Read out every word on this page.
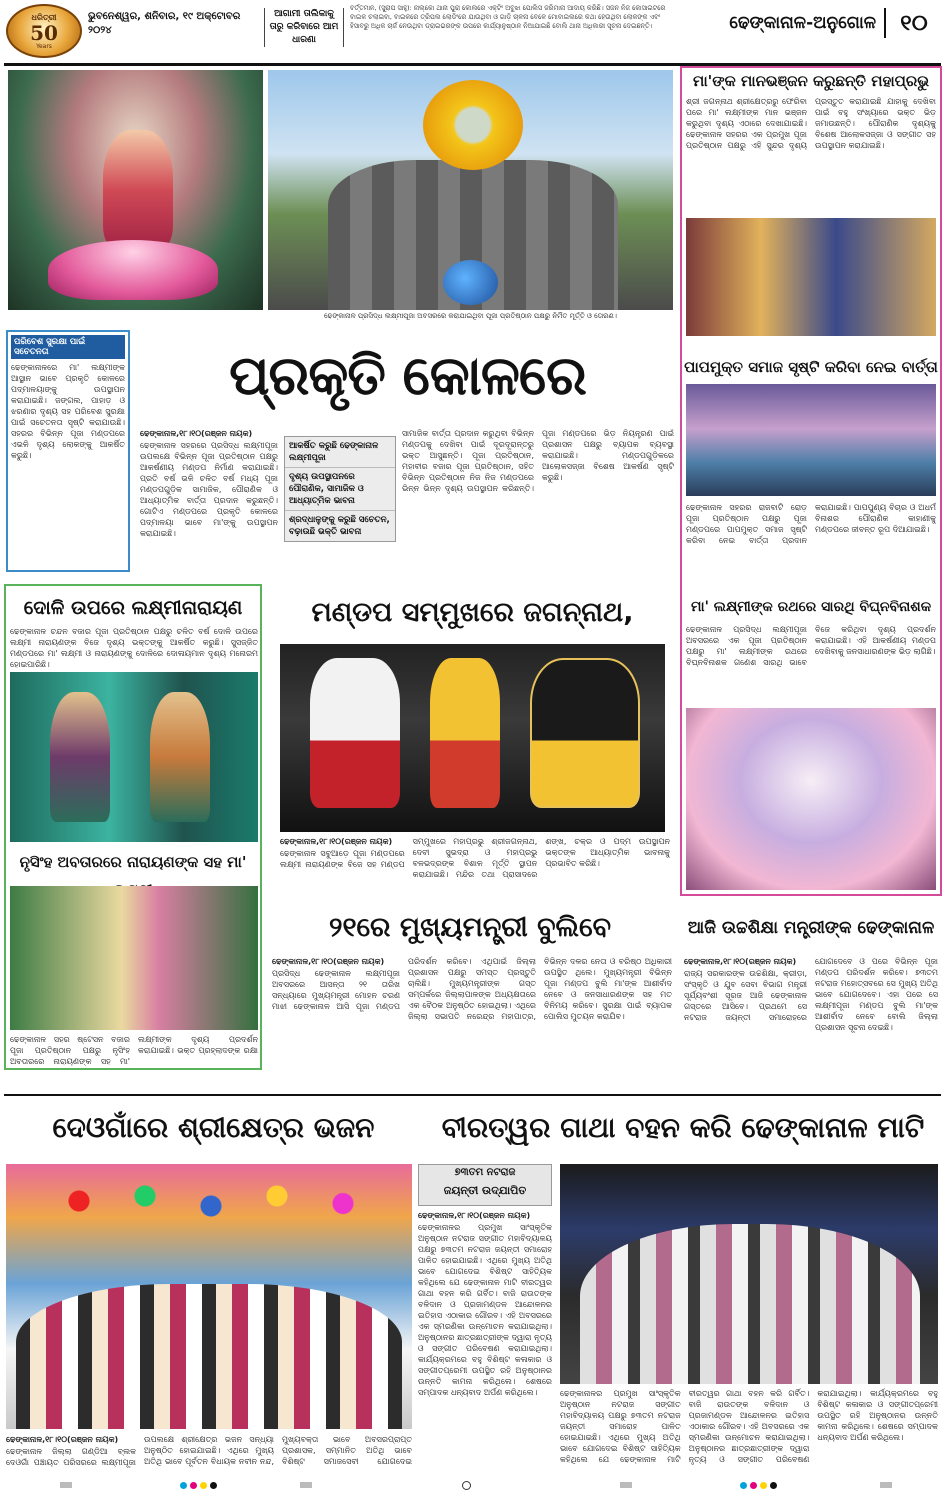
ଧରିତ୍ରୀ
50
Years
ଭୁବନେଶ୍ୱର, ଶନିବାର, ୧୯ ଅକ୍ଟୋବର ୨୦୨୪
ଆଗାମୀ ତାଲିକାକୁ ତାରୁ କରିବାରେ ଆମ ଧାରଣା
ବର୍ତ୍ତମାନ, (ସୁରାପ ସାହୁ): ନାଲ୍କୋ ଥାନା ପୁରା କୋଲରେ ଏକ୍ଟିଂ ଅବୁଝା ପୋଲିସ ଜରିମାନା ଆଦାୟ କରିଛି। ସଜନ ନିଜ କୋସାଇଟରେ ବାଇକ ଚଲାଇବା, ବାଇକରେ ତ୍ରିପଲ ଲୋଡିଂରେ ଯାଉଥିବା ଓ ଗାଡ଼ି ଚାଳନା ବେଳେ ମୋବାଇଲରେ କଥା ହେଉଥିବା ଲୋକଙ୍କ ଏବଂ ହିସାବରୁ ଅଧିକ ଚାର୍ଜ ନେଉଥିବା ଡ୍ରାଇଭରଙ୍କ ଉପରେ କାର୍ଯ୍ୟାନୁଷ୍ଠାନ ନିଆଯାଇଛି ବୋଲି ଥାନା ଅଧିକାରୀ ସୂଚନା ଦେଇଛନ୍ତି।	ଢେଙ୍କାନାଳ-ଅନୁଗୋଳ	୧୦
ଢେଙ୍କାନାଳ ପ୍ରସିଦ୍ଧ ଲକ୍ଷ୍ମୀପୂଜା ଅବସରରେ କରାଯାଇଥିବା ପୂଜା ପ୍ରତିଷ୍ଠାନ ପକ୍ଷରୁ ନିର୍ମିତ ମୂର୍ତ୍ତି ଓ ତୋରଣ।
ମା'ଙ୍କ ମାନଭଞ୍ଜନ କରୁଛନ୍ତି ମହାପ୍ରଭୁ
ଶ୍ରୀ ଜଗନ୍ନାଥ ଶ୍ରୀକ୍ଷେତ୍ରରୁ ଫେରିବା ପରେ ମା' ଲକ୍ଷ୍ମୀଙ୍କ ମାନ ଭଞ୍ଜନ କରୁଥିବା ଦୃଶ୍ୟ ଏଠାରେ ଦେଖାଯାଇଛି। ଢେଙ୍କାନାଳ ସହରର ଏକ ପ୍ରମୁଖ ପୂଜା ପ୍ରତିଷ୍ଠାନ ପକ୍ଷରୁ ଏହି ସୁନ୍ଦର ଦୃଶ୍ୟ ପ୍ରସ୍ତୁତ କରାଯାଇଛି ଯାହାକୁ ଦେଖିବା ପାଇଁ ବହୁ ସଂଖ୍ୟାରେ ଭକ୍ତ ଭିଡ଼ ଜମାଉଛନ୍ତି। ପୌରାଣିକ ଦୃଶ୍ୟକୁ ବିଶେଷ ଆଲୋକସଜ୍ଜା ଓ ସଙ୍ଗୀତ ସହ ଉପସ୍ଥାପନ କରାଯାଇଛି।
ପାପମୁକ୍ତ ସମାଜ ସୃଷ୍ଟି କରିବା ନେଇ ବାର୍ତ୍ତା
ଢେଙ୍କାନାଳ ସହରର ରାଜବାଟି ରୋଡ଼ ପୂଜା ପ୍ରତିଷ୍ଠାନ ପକ୍ଷରୁ ପୂଜା ମଣ୍ଡପରେ ପାପମୁକ୍ତ ସମାଜ ସୃଷ୍ଟି କରିବା ନେଇ ବାର୍ତ୍ତା ପ୍ରଦାନ କରାଯାଇଛି। ପାପପୁଣ୍ୟ ବିଚାର ଓ ଅଧର୍ମ ବିନାଶର ପୌରାଣିକ କାହାଣୀକୁ ମଣ୍ଡପରେ ଜୀବନ୍ତ ରୂପ ଦିଆଯାଇଛି।
ମା' ଲକ୍ଷ୍ମୀଙ୍କ ରଥରେ ସାରଥି ବିଘ୍ନବିନାଶକ
ଢେଙ୍କାନାଳ ପ୍ରସିଦ୍ଧ ଲକ୍ଷ୍ମୀପୂଜା ଅବସରରେ ଏକ ପୂଜା ପ୍ରତିଷ୍ଠାନ ପକ୍ଷରୁ ମା' ଲକ୍ଷ୍ମୀଙ୍କ ରଥରେ ବିଘ୍ନବିନାଶକ ଗଣେଶ ସାରଥି ଭାବେ ବିଜେ କରିଥିବା ଦୃଶ୍ୟ ପ୍ରଦର୍ଶନ କରାଯାଇଛି। ଏହି ଆକର୍ଷଣୀୟ ମଣ୍ଡପ ଦେଖିବାକୁ ଜନସାଧାରଣଙ୍କ ଭିଡ଼ ଲାଗିଛି।
ପରିବେଶ ସୁରକ୍ଷା ପାଇଁ ସଚେତନତା
ଢେଙ୍କାନାଳରେ ମା' ଲକ୍ଷ୍ମୀଙ୍କ ଆସ୍ଥାନ ଭାବେ ପ୍ରକୃତି କୋଳରେ ପଦ୍ମାଳୟାଙ୍କୁ ଉପସ୍ଥାପନ କରାଯାଇଛି। ଜଙ୍ଗଲ, ପାହାଡ଼ ଓ ଝରଣାର ଦୃଶ୍ୟ ସହ ପରିବେଶ ସୁରକ୍ଷା ପାଇଁ ସଚେତନତା ସୃଷ୍ଟି କରାଯାଉଛି। ସହରର ବିଭିନ୍ନ ପୂଜା ମଣ୍ଡପରେ ଏଭଳି ଦୃଶ୍ୟ ଲୋକଙ୍କୁ ଆକର୍ଷିତ କରୁଛି।
ପ୍ରକୃତି କୋଳରେ

ଢେଙ୍କାନାଳ,୧୮।୧୦(ରଞ୍ଜନ ନାୟକ)

ଢେଙ୍କାନାଳ ସହରରେ ପ୍ରସିଦ୍ଧ ଲକ୍ଷ୍ମୀପୂଜା ଉପଲକ୍ଷେ ବିଭିନ୍ନ ପୂଜା ପ୍ରତିଷ୍ଠାନ ପକ୍ଷରୁ ଆକର୍ଷଣୀୟ ମଣ୍ଡପ ନିର୍ମାଣ କରାଯାଇଛି। ପ୍ରତି ବର୍ଷ ଭଳି ଚଳିତ ବର୍ଷ ମଧ୍ୟ ପୂଜା ମଣ୍ଡପଗୁଡ଼ିକ ସାମାଜିକ, ପୌରାଣିକ ଓ ଆଧ୍ୟାତ୍ମିକ ବାର୍ତ୍ତା ପ୍ରଦାନ କରୁଛନ୍ତି। ଗୋଟିଏ ମଣ୍ଡପରେ ପ୍ରକୃତି କୋଳରେ ପଦ୍ମାଳୟା ଭାବେ ମା'ଙ୍କୁ ଉପସ୍ଥାପନ କରାଯାଇଛି।

ଆକର୍ଷିତ କରୁଛି ଢେଙ୍କାନାଳ ଲକ୍ଷ୍ମୀପୂଜା
ଦୃଶ୍ୟ ଉପସ୍ଥାପନରେ ପୌରାଣିକ, ସାମାଜିକ ଓ ଆଧ୍ୟାତ୍ମିକ ଭାବନା
ଶ୍ରଦ୍ଧାଳୁଙ୍କୁ କରୁଛି ସଚେତନ, ବଢ଼ାଉଛି ଭକ୍ତି ଭାବନା
ସାମାଜିକ ବାର୍ତ୍ତା ପ୍ରଦାନ କରୁଥିବା ବିଭିନ୍ନ ମଣ୍ଡପକୁ ଦେଖିବା ପାଇଁ ଦୂରଦୂରାନ୍ତରୁ ଭକ୍ତ ଆସୁଛନ୍ତି। ପୂଜା ପ୍ରତିଷ୍ଠାନ, ମହାବୀର ବଜାର ପୂଜା ପ୍ରତିଷ୍ଠାନ, ସହିତ ବିଭିନ୍ନ ପ୍ରତିଷ୍ଠାନ ନିଜ ନିଜ ମଣ୍ଡପରେ ଭିନ୍ନ ଭିନ୍ନ ଦୃଶ୍ୟ ଉପସ୍ଥାପନ କରିଛନ୍ତି। ପୂଜା ମଣ୍ଡପରେ ଭିଡ଼ ନିୟନ୍ତ୍ରଣ ପାଇଁ ପ୍ରଶାସନ ପକ୍ଷରୁ ବ୍ୟାପକ ବ୍ୟବସ୍ଥା କରାଯାଇଛି। ମଣ୍ଡପଗୁଡ଼ିକରେ ଆଲୋକସଜ୍ଜା ବିଶେଷ ଆକର୍ଷଣ ସୃଷ୍ଟି କରୁଛି।
ଦୋଳି ଉପରେ ଲକ୍ଷ୍ମୀନାରାୟଣ
ଢେଙ୍କାନାଳ ଚନ୍ଦନ ବଜାର ପୂଜା ପ୍ରତିଷ୍ଠାନ ପକ୍ଷରୁ ଚଳିତ ବର୍ଷ ଦୋଳି ଉପରେ ଲକ୍ଷ୍ମୀ ନାରାୟଣଙ୍କ ବିଜେ ଦୃଶ୍ୟ ଭକ୍ତଙ୍କୁ ଆକର୍ଷିତ କରୁଛି। ସୁସଜ୍ଜିତ ମଣ୍ଡପରେ ମା' ଲକ୍ଷ୍ମୀ ଓ ନାରାୟଣଙ୍କୁ ଦୋଳିରେ ଦୋଳାୟମାନ ଦୃଶ୍ୟ ମନୋରମ ହୋଇପାରିଛି।
ନୃସିଂହ ଅବତାରରେ ନାରାୟଣଙ୍କ ସହ ମା'
ଢେଙ୍କାନାଳ ସହର ଷ୍ଟେସନ ବଜାର ପୂଜା ପ୍ରତିଷ୍ଠାନ ପକ୍ଷରୁ ନୃସିଂହ ଅବତାରରେ ନାରାୟଣଙ୍କ ସହ ମା' ଲକ୍ଷ୍ମୀଙ୍କ ଦୃଶ୍ୟ ପ୍ରଦର୍ଶନ କରାଯାଇଛି। ଭକ୍ତ ପ୍ରହ୍ଲାଦଙ୍କ ରକ୍ଷା
ମଣ୍ଡପ ସମ୍ମୁଖରେ ଜଗନ୍ନାଥ,

ଢେଙ୍କାନାଳ,୧୮।୧୦(ରଞ୍ଜନ ନାୟକ)

ଢେଙ୍କାନାଳ ସବୁଆଡ଼େ ପୂଜା ମଣ୍ଡପରେ ଲକ୍ଷ୍ମୀ ନାରାୟଣଙ୍କ ବିଜେ ସହ ମଣ୍ଡପ ସମ୍ମୁଖରେ ମହାପ୍ରଭୁ ଶ୍ରୀଜଗନ୍ନାଥ, ଦେବୀ ସୁଭଦ୍ରା ଓ ମହାପ୍ରଭୁ ବଳଭଦ୍ରଙ୍କ ବିଶାଳ ମୂର୍ତ୍ତି ସ୍ଥାପନ କରାଯାଇଛି। ମନ୍ଦିର ତଥା ପ୍ରାସାଦରେ ଶଙ୍ଖ, ଚକ୍ର ଓ ପଦ୍ମ ଉପସ୍ଥାପନ ଭକ୍ତଙ୍କ ଆଧ୍ୟାତ୍ମିକ ଭାବନାକୁ ପ୍ରଭାବିତ କରିଛି।

୨୧ରେ ମୁଖ୍ୟମନ୍ତ୍ରୀ ବୁଲିବେ

ଢେଙ୍କାନାଳ,୧୮।୧୦(ରଞ୍ଜନ ନାୟକ)

ପ୍ରସିଦ୍ଧ ଢେଙ୍କାନାଳ ଲକ୍ଷ୍ମୀପୂଜା ଅବସରରେ ଆସନ୍ତା ୨୧ ତାରିଖ ସନ୍ଧ୍ୟାରେ ମୁଖ୍ୟମନ୍ତ୍ରୀ ମୋହନ ଚରଣ ମାଝୀ ଢେଙ୍କାନାଳ ଆସି ପୂଜା ମଣ୍ଡପ ପରିଦର୍ଶନ କରିବେ। ଏଥିପାଇଁ ଜିଲ୍ଲା ପ୍ରଶାସନ ପକ୍ଷରୁ ସମସ୍ତ ପ୍ରସ୍ତୁତି ଚାଲିଛି। ମୁଖ୍ୟମନ୍ତ୍ରୀଙ୍କ ଗସ୍ତ ସମ୍ପର୍କରେ ଜିଲ୍ଲାପାଳଙ୍କ ଅଧ୍ୟକ୍ଷତାରେ ଏକ ବୈଠକ ଅନୁଷ୍ଠିତ ହୋଇଥିଲା। ଏଥିରେ ଜିଲ୍ଲା ସଭାପତି ନରେନ୍ଦ୍ର ମହାପାତ୍ର, ବିଭିନ୍ନ ଦଳର ନେତା ଓ ବରିଷ୍ଠ ଅଧିକାରୀ ଉପସ୍ଥିତ ଥିଲେ। ମୁଖ୍ୟମନ୍ତ୍ରୀ ବିଭିନ୍ନ ପୂଜା ମଣ୍ଡପ ବୁଲି ମା'ଙ୍କ ଆଶୀର୍ବାଦ ନେବେ ଓ ଜନସାଧାରଣଙ୍କ ସହ ମତ ବିନିମୟ କରିବେ। ସୁରକ୍ଷା ପାଇଁ ବ୍ୟାପକ ପୋଲିସ ମୁତୟନ କରାଯିବ।

ଆଜି ଉଚ୍ଚଶିକ୍ଷା ମନ୍ତ୍ରୀଙ୍କ ଢେଙ୍କାନାଳ

ଢେଙ୍କାନାଳ,୧୮।୧୦(ରଞ୍ଜନ ନାୟକ)

ରାଜ୍ୟ ସରକାରଙ୍କ ଉଚ୍ଚଶିକ୍ଷା, କ୍ରୀଡ଼ା, ସଂସ୍କୃତି ଓ ଯୁବ ସେବା ବିଭାଗ ମନ୍ତ୍ରୀ ସୂର୍ଯ୍ୟବଂଶୀ ସୂରଜ ଆଜି ଢେଙ୍କାନାଳ ଗସ୍ତରେ ଆସିବେ। ପ୍ରଥମେ ସେ ନଟରାଜ ଜୟନ୍ତୀ ସମାରୋହରେ ଯୋଗଦେବେ ଓ ପରେ ବିଭିନ୍ନ ପୂଜା ମଣ୍ଡପ ପରିଦର୍ଶନ କରିବେ। ୭୩ତମ ନଟରାଜ ମହୋତ୍ସବରେ ସେ ମୁଖ୍ୟ ଅତିଥି ଭାବେ ଯୋଗଦେବେ। ଏହା ପରେ ସେ ଲକ୍ଷ୍ମୀପୂଜା ମଣ୍ଡପ ବୁଲି ମା'ଙ୍କ ଆଶୀର୍ବାଦ ନେବେ ବୋଲି ଜିଲ୍ଲା ପ୍ରଶାସନ ସୂଚନା ଦେଇଛି।

ଦେଓଗାଁରେ ଶ୍ରୀକ୍ଷେତ୍ର ଭଜନ	ବୀରତ୍ୱର ଗାଥା ବହନ କରି ଢେଙ୍କାନାଳ ମାଟି

ଢେଙ୍କାନାଳ,୧୮।୧୦(ରଞ୍ଜନ ନାୟକ)

ଢେଙ୍କାନାଳ ଜିଲ୍ଲା ଗଣ୍ଡିଆ ବ୍ଲକ ଦେଓଗାଁ ପଞ୍ଚାୟତ ପରିସରରେ ଲକ୍ଷ୍ମୀପୂଜା ଉପଲକ୍ଷେ ଶ୍ରୀକ୍ଷେତ୍ର ଭଜନ ସନ୍ଧ୍ୟା ଅନୁଷ୍ଠିତ ହୋଇଯାଇଛି। ଏଥିରେ ମୁଖ୍ୟ ଅତିଥି ଭାବେ ପୂର୍ବତନ ବିଧାୟକ ନବୀନ ନନ୍ଦ, ମୁଖ୍ୟବକ୍ତା ଭାବେ ଅବସରପ୍ରାପ୍ତ ପ୍ରଶାସକ, ସମ୍ମାନିତ ଅତିଥି ଭାବେ ବିଶିଷ୍ଟ ସମାଜସେବୀ ଯୋଗଦେଇ

୭୩ତମ ନଟରାଜ
ଜୟନ୍ତୀ ଉଦ୍‌ଯାପିତ

ଢେଙ୍କାନାଳ,୧୮।୧୦(ରଞ୍ଜନ ନାୟକ)

ଢେଙ୍କାନାଳର ପ୍ରମୁଖ ସାଂସ୍କୃତିକ ଅନୁଷ୍ଠାନ ନଟରାଜ ସଙ୍ଗୀତ ମହାବିଦ୍ୟାଳୟ ପକ୍ଷରୁ ୭୩ତମ ନଟରାଜ ଜୟନ୍ତୀ ସମାରୋହ ପାଳିତ ହୋଇଯାଇଛି। ଏଥିରେ ମୁଖ୍ୟ ଅତିଥି ଭାବେ ଯୋଗଦେଇ ବିଶିଷ୍ଟ ସାହିତ୍ୟିକ କହିଥିଲେ ଯେ ଢେଙ୍କାନାଳ ମାଟି ବୀରତ୍ୱର ଗାଥା ବହନ କରି ଗର୍ବିତ। ବାଜି ରାଉତଙ୍କ ବଳିଦାନ ଓ ପ୍ରଜାମଣ୍ଡଳ ଆନ୍ଦୋଳନର ଇତିହାସ ଏଠାକାର ଗୌରବ। ଏହି ଅବସରରେ ଏକ ସ୍ମରଣିକା ଉନ୍ମୋଚନ କରାଯାଇଥିଲା। ଅନୁଷ୍ଠାନର ଛାତ୍ରଛାତ୍ରୀଙ୍କ ଦ୍ୱାରା ନୃତ୍ୟ ଓ ସଙ୍ଗୀତ ପରିବେଷଣ କରାଯାଇଥିଲା। କାର୍ଯ୍ୟକ୍ରମରେ ବହୁ ବିଶିଷ୍ଟ କଳାକାର ଓ ସଙ୍ଗୀତପ୍ରେମୀ ଉପସ୍ଥିତ ରହି ଅନୁଷ୍ଠାନର ଉନ୍ନତି କାମନା କରିଥିଲେ। ଶେଷରେ ସମ୍ପାଦକ ଧନ୍ୟବାଦ ଅର୍ପଣ କରିଥିଲେ।	ଢେଙ୍କାନାଳର ପ୍ରମୁଖ ସାଂସ୍କୃତିକ ଅନୁଷ୍ଠାନ ନଟରାଜ ସଙ୍ଗୀତ ମହାବିଦ୍ୟାଳୟ ପକ୍ଷରୁ ୭୩ତମ ନଟରାଜ ଜୟନ୍ତୀ ସମାରୋହ ପାଳିତ ହୋଇଯାଇଛି। ଏଥିରେ ମୁଖ୍ୟ ଅତିଥି ଭାବେ ଯୋଗଦେଇ ବିଶିଷ୍ଟ ସାହିତ୍ୟିକ କହିଥିଲେ ଯେ ଢେଙ୍କାନାଳ ମାଟି ବୀରତ୍ୱର ଗାଥା ବହନ କରି ଗର୍ବିତ। ବାଜି ରାଉତଙ୍କ ବଳିଦାନ ଓ ପ୍ରଜାମଣ୍ଡଳ ଆନ୍ଦୋଳନର ଇତିହାସ ଏଠାକାର ଗୌରବ। ଏହି ଅବସରରେ ଏକ ସ୍ମରଣିକା ଉନ୍ମୋଚନ କରାଯାଇଥିଲା। ଅନୁଷ୍ଠାନର ଛାତ୍ରଛାତ୍ରୀଙ୍କ ଦ୍ୱାରା ନୃତ୍ୟ ଓ ସଙ୍ଗୀତ ପରିବେଷଣ କରାଯାଇଥିଲା। କାର୍ଯ୍ୟକ୍ରମରେ ବହୁ ବିଶିଷ୍ଟ କଳାକାର ଓ ସଙ୍ଗୀତପ୍ରେମୀ ଉପସ୍ଥିତ ରହି ଅନୁଷ୍ଠାନର ଉନ୍ନତି କାମନା କରିଥିଲେ। ଶେଷରେ ସମ୍ପାଦକ ଧନ୍ୟବାଦ ଅର୍ପଣ କରିଥିଲେ।
